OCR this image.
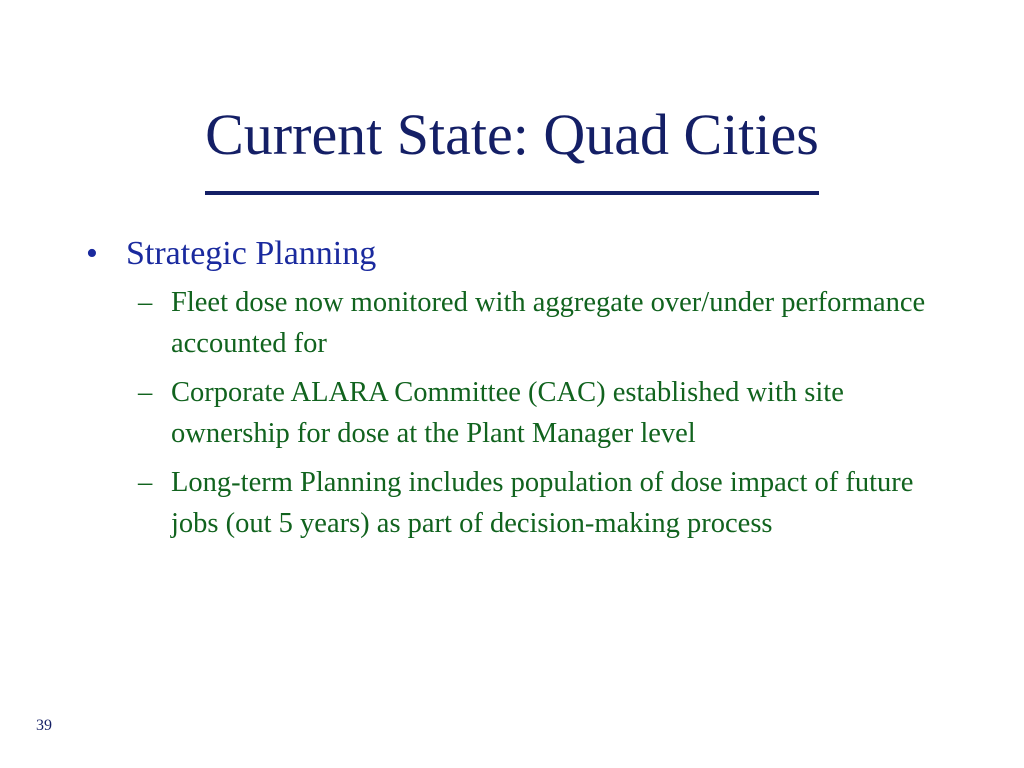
Current State: Quad Cities
• Strategic Planning
– Fleet dose now monitored with aggregate over/under performance accounted for
– Corporate ALARA Committee (CAC) established with site ownership for dose at the Plant Manager level
– Long-term Planning includes population of dose impact of future jobs (out 5 years) as part of decision-making process
39
